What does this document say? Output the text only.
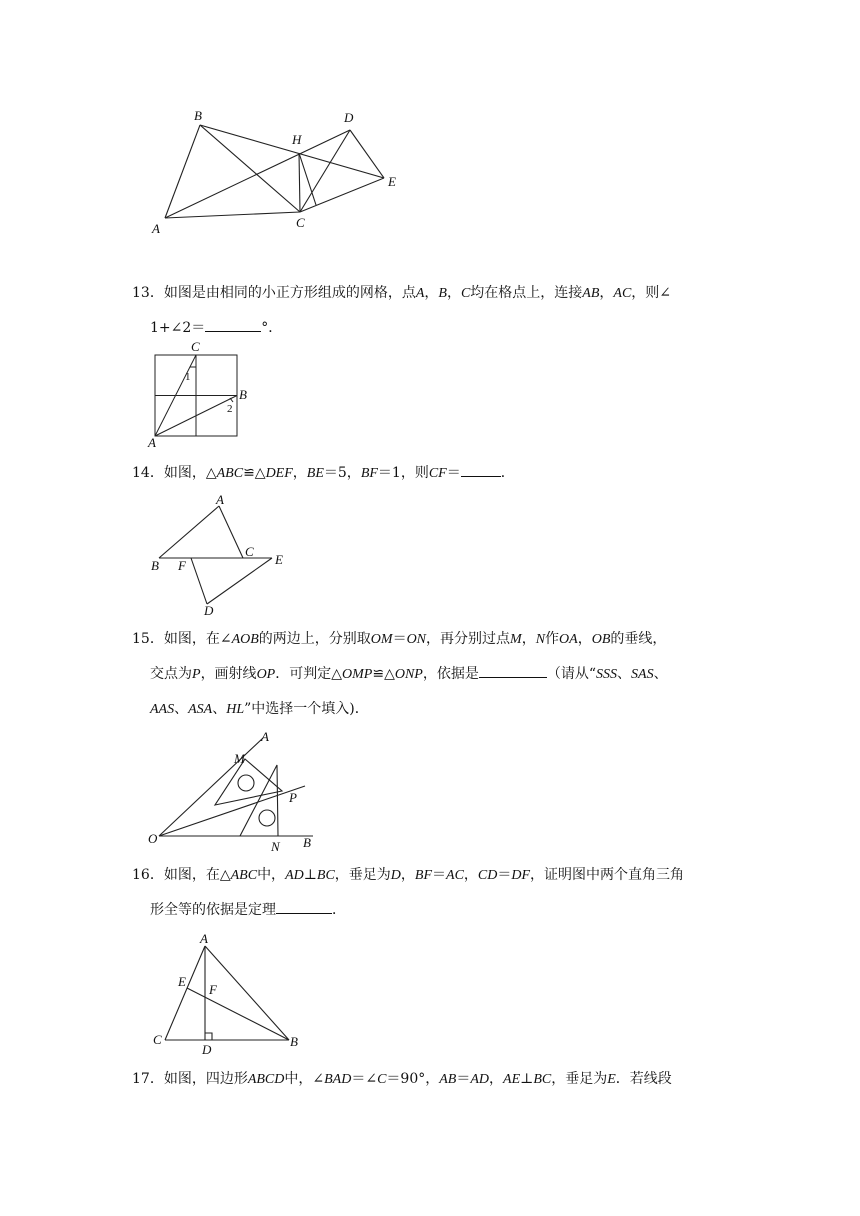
A
B
C
D
E
H
13．如图是由相同的小正方形组成的网格，点A，B，C均在格点上，连接AB，AC，则∠
1+∠2＝	°．
C
B
A
1
2
14．如图，△ABC≌△DEF，BE＝5，BF＝1，则CF＝	．
A
B
C
E
F
D
15．如图，在∠AOB的两边上，分别取OM＝ON，再分别过点M，N作OA，OB的垂线，
交点为P，画射线OP．可判定△OMP≌△ONP，依据是	（请从“SSS、SAS、
AAS、ASA、HL”中选择一个填入)．
A
M
P
O
N B
16．如图，在△ABC中，AD⊥BC，垂足为D，BF＝AC，CD＝DF，证明图中两个直角三角
形全等的依据是定理	．
A
E
F
C
D
B
17．如图，四边形ABCD中，∠BAD＝∠C＝90°，AB＝AD，AE⊥BC，垂足为E．若线段
